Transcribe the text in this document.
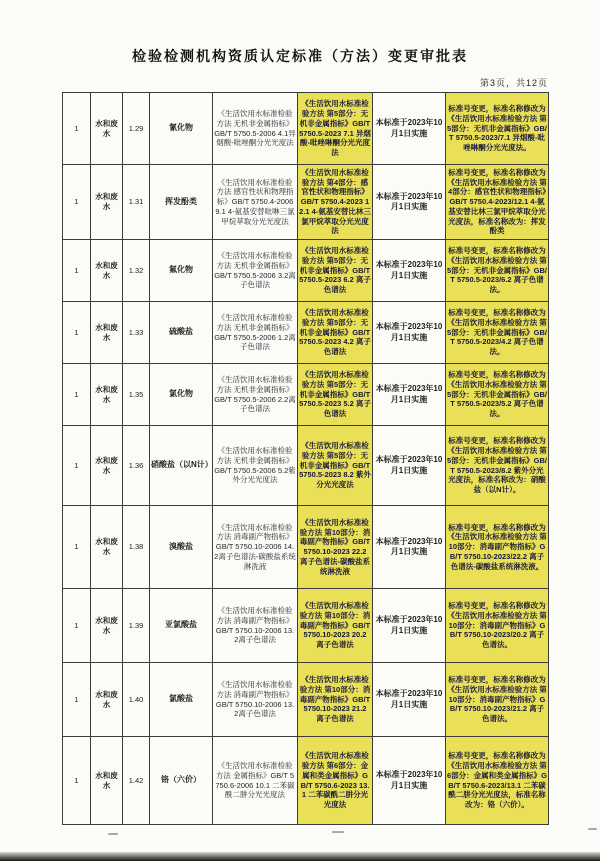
检验检测机构资质认定标准（方法）变更审批表
第3页，共12页
1	水和废水	1.29	氰化物	《生活饮用水标准检验方法 无机非金属指标》GB/T 5750.5-2006 4.1异烟酸-吡唑酮分光光度法	《生活饮用水标准检验方法 第5部分：无机非金属指标》GB/T 5750.5-2023 7.1 异烟酸-吡唑啉酮分光光度法	本标准于2023年10月1日实施	标准号变更，标准名称修改为《生活饮用水标准检验方法 第5部分：无机非金属指标》GB/T 5750.5-2023/7.1 异烟酸-吡唑啉酮分光光度法。
1	水和废水	1.31	挥发酚类	《生活饮用水标准检验方法 感官性状和物理指标》GB/T 5750.4-2006 9.1 4-氨基安替吡啉三氯甲烷萃取分光光度法	《生活饮用水标准检验方法 第4部分：感官性状和物理指标》GB/T 5750.4-2023 12.1 4-氨基安替比林三氯甲烷萃取分光光度法	本标准于2023年10月1日实施	标准号变更，标准名称修改为《生活饮用水标准检验方法 第4部分：感官性状和物理指标》GB/T 5750.4-2023/12.1 4-氨基安替比林三氯甲烷萃取分光光度法，标准名称改为：挥发酚类
1	水和废水	1.32	氟化物	《生活饮用水标准检验方法 无机非金属指标》GB/T 5750.5-2006 3.2离子色谱法	《生活饮用水标准检验方法 第5部分：无机非金属指标》GB/T 5750.5-2023 6.2 离子色谱法	本标准于2023年10月1日实施	标准号变更，标准名称修改为《生活饮用水标准检验方法 第5部分：无机非金属指标》GB/T 5750.5-2023/6.2 离子色谱法。
1	水和废水	1.33	硫酸盐	《生活饮用水标准检验方法 无机非金属指标》GB/T 5750.5-2006 1.2离子色谱法	《生活饮用水标准检验方法 第5部分：无机非金属指标》GB/T 5750.5-2023 4.2 离子色谱法	本标准于2023年10月1日实施	标准号变更，标准名称修改为《生活饮用水标准检验方法 第5部分：无机非金属指标》GB/T 5750.5-2023/4.2 离子色谱法。
1	水和废水	1.35	氯化物	《生活饮用水标准检验方法 无机非金属指标》GB/T 5750.5-2006 2.2离子色谱法	《生活饮用水标准检验方法 第5部分：无机非金属指标》GB/T 5750.5-2023 5.2 离子色谱法	本标准于2023年10月1日实施	标准号变更，标准名称修改为《生活饮用水标准检验方法 第5部分：无机非金属指标》GB/T 5750.5-2023/5.2 离子色谱法。
1	水和废水	1.36	硝酸盐（以N计）	《生活饮用水标准检验方法 无机非金属指标》GB/T 5750.5-2006 5.2紫外分光光度法	《生活饮用水标准检验方法 第5部分：无机非金属指标》GB/T 5750.5-2023 8.2 紫外分光光度法	本标准于2023年10月1日实施	标准号变更，标准名称修改为《生活饮用水标准检验方法 第5部分：无机非金属指标》GB/T 5750.5-2023/8.2 紫外分光光度法，标准名称改为：硝酸盐（以N计）。
1	水和废水	1.38	溴酸盐	《生活饮用水标准检验方法 消毒副产物指标》GB/T 5750.10-2006 14.2离子色谱法-碳酸盐系统淋洗液	《生活饮用水标准检验方法 第10部分：消毒副产物指标》GB/T 5750.10-2023 22.2 离子色谱法-碳酸盐系统淋洗液	本标准于2023年10月1日实施	标准号变更，标准名称修改为《生活饮用水标准检验方法 第10部分：消毒副产物指标》GB/T 5750.10-2023/22.2 离子色谱法-碳酸盐系统淋洗液。
1	水和废水	1.39	亚氯酸盐	《生活饮用水标准检验方法 消毒副产物指标》GB/T 5750.10-2006 13.2离子色谱法	《生活饮用水标准检验方法 第10部分：消毒副产物指标》GB/T 5750.10-2023 20.2 离子色谱法	本标准于2023年10月1日实施	标准号变更，标准名称修改为《生活饮用水标准检验方法 第10部分：消毒副产物指标》GB/T 5750.10-2023/20.2 离子色谱法。
1	水和废水	1.40	氯酸盐	《生活饮用水标准检验方法 消毒副产物指标》GB/T 5750.10-2006 13.2离子色谱法	《生活饮用水标准检验方法 第10部分：消毒副产物指标》GB/T 5750.10-2023 21.2 离子色谱法	本标准于2023年10月1日实施	标准号变更，标准名称修改为《生活饮用水标准检验方法 第10部分：消毒副产物指标》GB/T 5750.10-2023/21.2 离子色谱法。
1	水和废水	1.42	铬（六价）	《生活饮用水标准检验方法 金属指标》GB/T 5750.6-2006 10.1 二苯碳酰二肼分光光度法	《生活饮用水标准检验方法 第6部分：金属和类金属指标》GB/T 5750.6-2023 13.1 二苯碳酰二肼分光光度法	本标准于2023年10月1日实施	标准号变更，标准名称修改为《生活饮用水标准检验方法 第6部分：金属和类金属指标》GB/T 5750.6-2023/13.1 二苯碳酰二肼分光光度法，标准名称改为：铬（六价）。
